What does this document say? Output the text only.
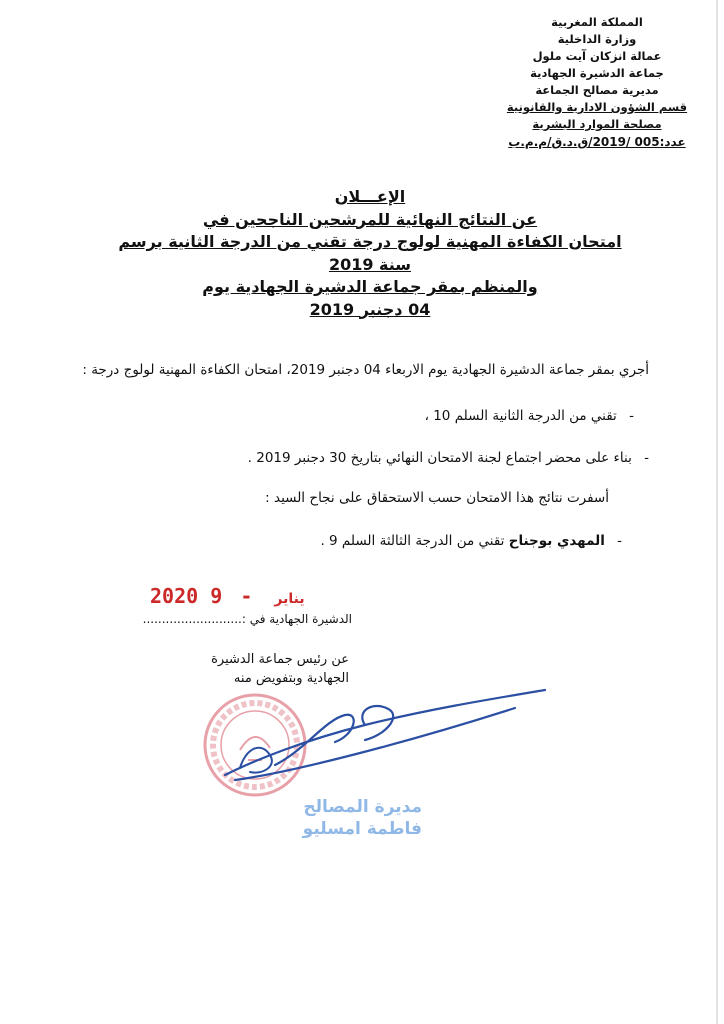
المملكة المغربية
وزارة الداخلية
عمالة انزكان آيت ملول
جماعة الدشيرة الجهادية
مديرية مصالح الجماعة
قسم الشؤون الادارية والقانونية
مصلحة الموارد البشرية
عدد:005 /2019/ق.د.ق/م.م.ب
الإعـــلان
عن النتائج النهائية للمرشحين الناجحين في
امتحان الكفاءة المهنية لولوج درجة تقني من الدرجة الثانية برسم سنة 2019
والمنظم بمقر جماعة الدشيرة الجهادية يوم
04 دجنبر 2019
أجري بمقر جماعة الدشيرة الجهادية يوم الاربعاء 04 دجنبر 2019، امتحان الكفاءة المهنية لولوج درجة :
- تقني من الدرجة الثانية السلم 10 ،
- بناء على محضر اجتماع لجنة الامتحان النهائي بتاريخ 30 دجنبر 2019 .
أسفرت نتائج هذا الامتحان حسب الاستحقاق على نجاح السيد :
- المهدي بوجناح تقني من الدرجة الثالثة السلم 9 .
2020	يناير - 9
الدشيرة الجهادية في :..........................
عن رئيس جماعة الدشيرة
الجهادية وبتفويض منه
مديرة المصالح
فاطمة امسليو
